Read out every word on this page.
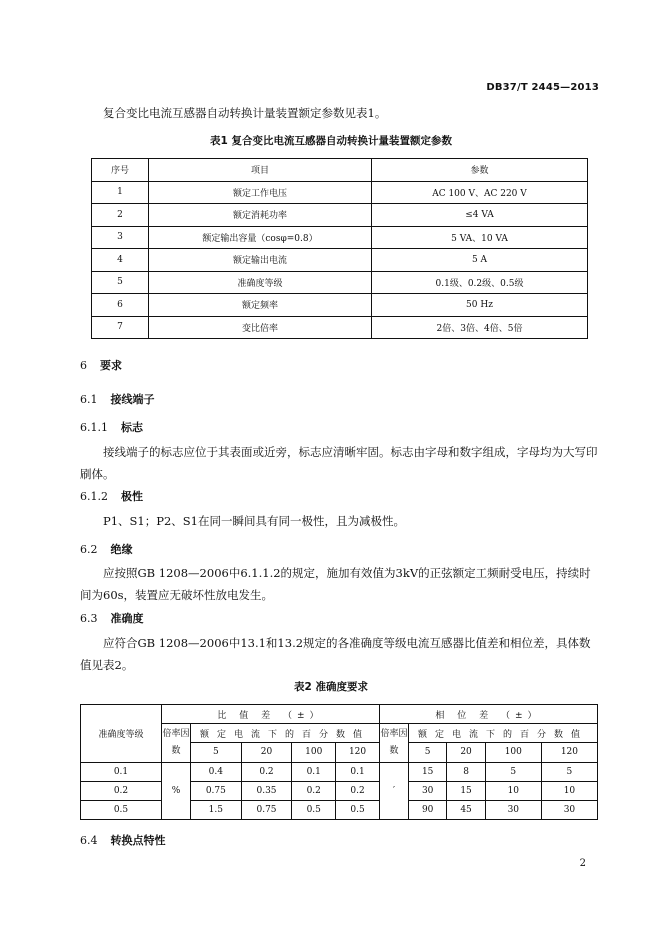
DB37/T 2445—2013
复合变比电流互感器自动转换计量装置额定参数见表1。
表1 复合变比电流互感器自动转换计量装置额定参数
序号	项目	参数
1	额定工作电压	AC 100 V、AC 220 V
2	额定消耗功率	≤4 VA
3	额定输出容量（cosφ=0.8）	5 VA、10 VA
4	额定输出电流	5 A
5	准确度等级	0.1级、0.2级、0.5级
6	额定频率	50 Hz
7	变比倍率	2倍、3倍、4倍、5倍
6 要求
6.1 接线端子
6.1.1 标志
接线端子的标志应位于其表面或近旁，标志应清晰牢固。标志由字母和数字组成，字母均为大写印刷体。
6.1.2 极性
P1、S1；P2、S1在同一瞬间具有同一极性，且为减极性。
6.2 绝缘
应按照GB 1208—2006中6.1.1.2的规定，施加有效值为3kV的正弦额定工频耐受电压，持续时间为60s，装置应无破坏性放电发生。
6.3 准确度
应符合GB 1208—2006中13.1和13.2规定的各准确度等级电流互感器比值差和相位差，具体数值见表2。
表2 准确度要求
准确度等级	比 值 差 （±）					相 位 差 （±）				
	倍率因数	额定电流下的百分数值				倍率因数	额定电流下的百分数值			
		5	20	100	120		5	20	100	120
0.1	%	0.4	0.2	0.1	0.1	′	15	8	5	5
0.2		0.75	0.35	0.2	0.2		30	15	10	10
0.5		1.5	0.75	0.5	0.5		90	45	30	30
6.4 转换点特性
2
